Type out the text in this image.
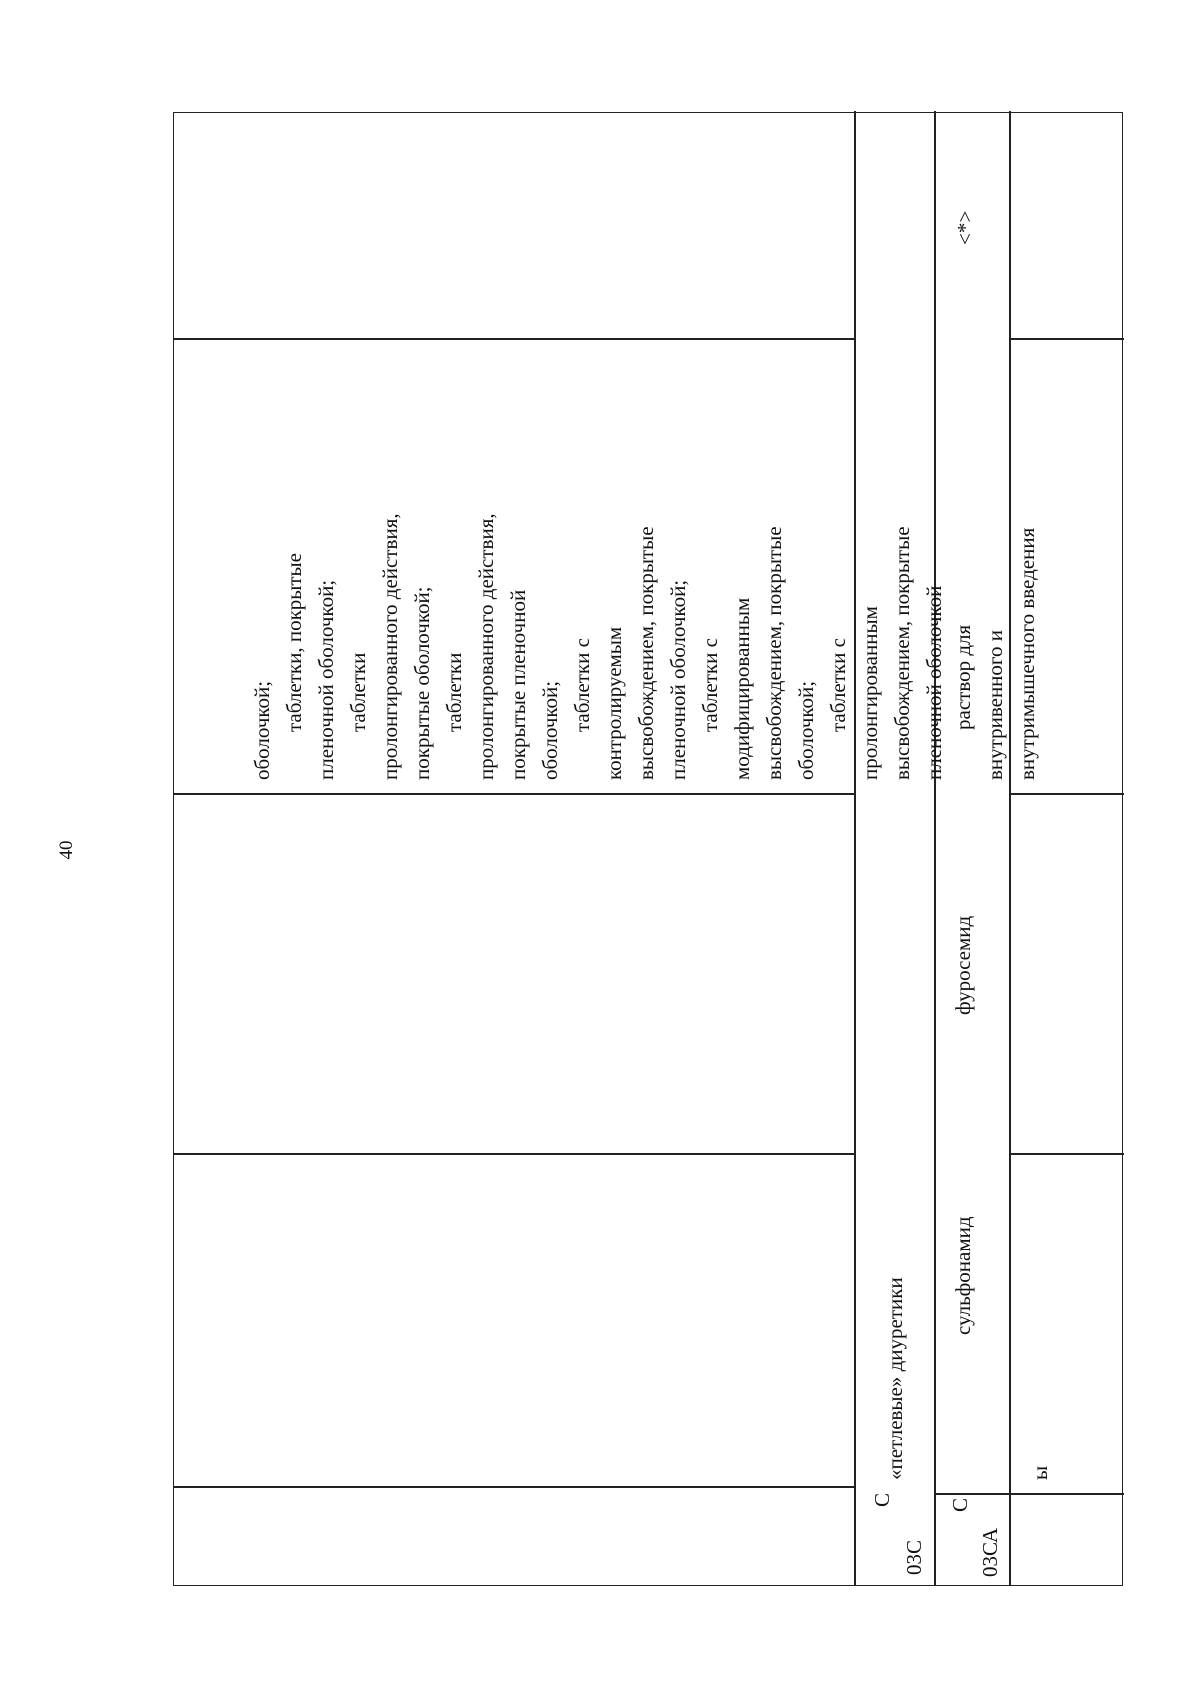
40

оболочкой; таблетки, покрытые пленочной оболочкой; таблетки пролонгированного действия, покрытые оболочкой; таблетки пролонгированного действия, покрытые пленочной оболочкой; таблетки с контролируемым высвобождением, покрытые пленочной оболочкой; таблетки с модифицированным высвобождением, покрытые оболочкой; таблетки с пролонгированным высвобождением, покрытые пленочной оболочкой

С
03С
«петлевые» диуретики
С
03СА
ы
сульфонамид
фуросемид
раствор для внутривенного и внутримышечного введения
<*>
